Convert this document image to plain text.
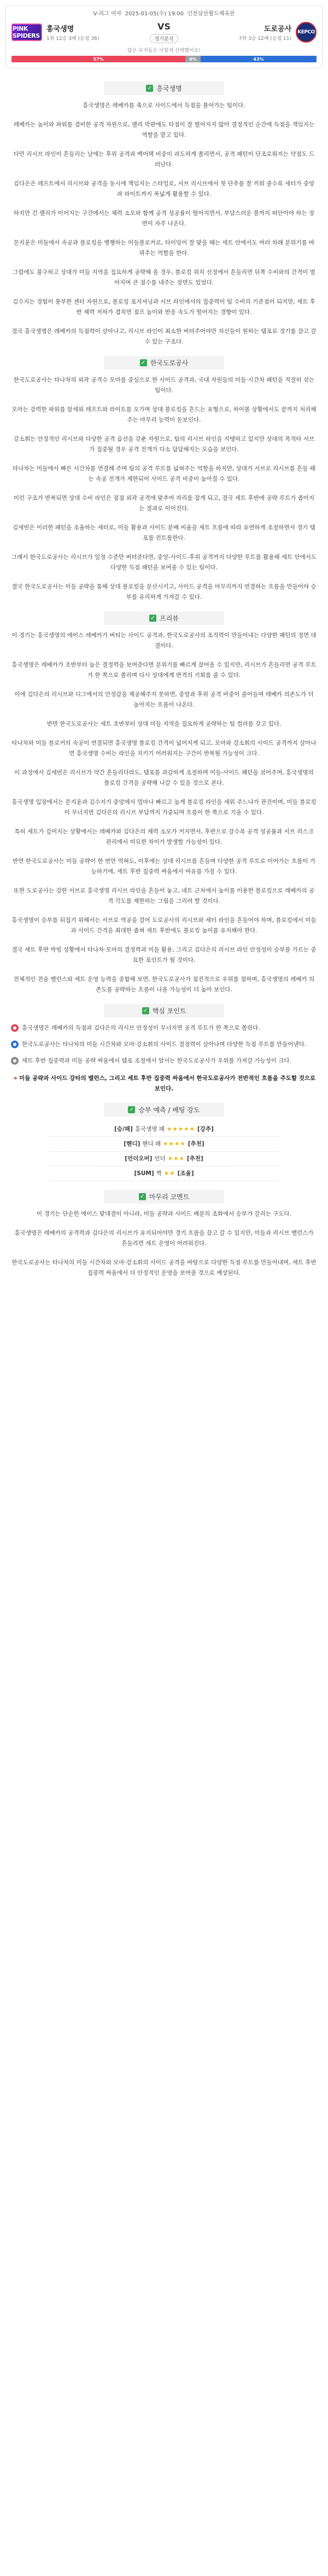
V-리그 여자 2025-01-05(수) 19:00 인천삼산월드체육관
PINK SPIDERS
흥국생명
1위 12승 3패 (승점 36)
VS
경기분석
도로공사
7위 3승 12패 (승점 11)
KEPCO
많은 유저들은 이렇게 선택했어요!
57%	0%	43%
✓ 흥국생명

흥국생명은 레베카를 축으로 사이드에서 득점을 풀어가는 팀이다.

레베카는 높이와 파워를 겸비한 공격 자원으로, 랠리 막판에도 타점이 잘 떨어지지 않아 결정적인 순간에 득점을 책임지는 역할을 맡고 있다.

다만 리시브 라인이 흔들리는 날에는 후위 공격과 백어택 비중이 과도하게 쏠리면서, 공격 패턴이 단조로워지는 약점도 드러난다.

김다은은 레프트에서 리시브와 공격을 동시에 책임지는 스타일로, 서브 리시브에서 첫 단추를 잘 끼워 줄수록 세터가 중앙과 라이트까지 폭넓게 활용할 수 있다.

하지만 긴 랠리가 이어지는 구간에서는 체력 소모와 함께 공격 성공률이 떨어지면서, 부담스러운 볼까지 떠안아야 하는 장면이 자주 나온다.

문지윤은 미들에서 속공과 블로킹을 병행하는 미들블로커로, 타이밍이 잘 맞을 때는 세트 안에서도 여러 차례 분위기를 바꿔주는 역할을 한다.

그럼에도 불구하고 상대가 미들 지역을 집요하게 공략해 올 경우, 블로킹 위치 선정에서 흔들리면 뒤쪽 수비와의 간격이 벌어지며 큰 점수를 내주는 장면도 있었다.

김수지는 경험이 풍부한 센터 자원으로, 블로킹 포지셔닝과 서브 라인에서의 집중력이 팀 수비의 기준점이 되지만, 세트 후반 체력 저하가 겹치면 점프 높이와 반응 속도가 떨어지는 경향이 있다.

결국 흥국생명은 레베카의 득점력이 살아나고, 리시브 라인이 최소한 버텨주어야만 자신들이 원하는 템포로 경기를 끌고 갈 수 있는 구조다.

✓ 한국도로공사

한국도로공사는 타나차의 외곽 공격수 모마를 중심으로 한 사이드 공격과, 국내 자원들의 미들·시간차 패턴을 적절히 섞는 팀이다.

모마는 강력한 파워를 앞세워 레프트와 라이트를 오가며 상대 블로킹을 흔드는 유형으로, 하이볼 상황에서도 끝까지 처리해주는 마무리 능력이 돋보인다.

강소휘는 안정적인 리시브와 다양한 공격 옵션을 갖춘 자원으로, 팀의 리시브 라인을 지탱하고 있지만 상대의 목적타 서브가 집중될 경우 공격 전개가 다소 답답해지는 모습을 보인다.

타나차는 미들에서 빠른 시간차를 연결해 주며 팀의 공격 루트를 넓혀주는 역할을 하지만, 상대가 서브로 리시브를 흔들 때는 속공 전개가 제한되어 사이드 공격 비중이 높아질 수 있다.

이런 구조가 반복되면 상대 수비 라인은 점점 외곽 공격에 맞추어 자리를 잡게 되고, 결국 세트 후반에 공략 루트가 좁아지는 결과로 이어진다.

김세빈은 이러한 패턴을 조율하는 세터로, 미들 활용과 사이드 분배 비율을 세트 흐름에 따라 유연하게 조절하면서 경기 템포를 컨트롤한다.

그래서 한국도로공사는 리시브가 일정 수준만 버텨준다면, 중앙-사이드-후위 공격까지 다양한 루트를 활용해 세트 안에서도 다양한 득점 패턴을 보여줄 수 있는 팀이다.

결국 한국도로공사는 미들 공략을 통해 상대 블로킹을 분산시키고, 사이드 공격을 마무리까지 연결하는 흐름을 만들어야 승부를 유리하게 가져갈 수 있다.

✓ 프리뷰

이 경기는 흥국생명의 에이스 레베카가 버티는 사이드 공격과, 한국도로공사의 조직력이 만들어내는 다양한 패턴의 정면 대결이다.

흥국생명은 레베카가 초반부터 높은 결정력을 보여준다면 분위기를 빠르게 끌어올 수 있지만, 리시브가 흔들리면 공격 루트가 한 쪽으로 쏠리며 다시 상대에게 반격의 기회를 줄 수 있다.

이에 김다은의 리시브와 디그에서의 안정감을 제공해주지 못하면, 중앙과 후위 공격 비중이 줄어들며 레베카 의존도가 더 높아지는 흐름이 나온다.

반면 한국도로공사는 세트 초반부터 상대 미들 지역을 집요하게 공략하는 팀 컬러를 갖고 있다.

타나차와 미들 블로커의 속공이 연결되면 흥국생명 블로킹 간격이 넓어지게 되고, 모마와 강소휘의 사이드 공격까지 살아나면 흥국생명 수비는 라인을 지키기 어려워지는 구간이 반복될 가능성이 크다.

이 과정에서 김세빈은 리시브가 약간 흔들리더라도, 템포를 과감하게 조절하며 미들-사이드 패턴을 섞어주며, 흥국생명의 블로킹 간격을 공략해 나갈 수 있을 것으로 본다.

흥국생명 입장에서는 문지윤과 김수지가 중앙에서 얼마나 빠르고 높게 블로킹 라인을 세워 주느냐가 관건이며, 미들 블로킹이 무너지면 김다은의 리시브 부담까지 가중되며 흐름이 한 쪽으로 기울 수 있다.

특히 세트가 길어지는 상황에서는 레베카와 김다은의 체력 소모가 커지면서, 후반으로 갈수록 공격 성공률과 서브 리스크 관리에서 미묘한 차이가 발생할 가능성이 있다.

반면 한국도로공사는 미들 공략이 한 번만 먹혀도, 이후에는 상대 리시브를 흔들며 다양한 공격 루트로 이어가는 흐름이 가능하기에, 세트 후반 집중력 싸움에서 여유를 가질 수 있다.

또한 도로공사는 강한 서브로 흥국생명 리시브 라인을 흔들어 놓고, 네트 근처에서 높이를 이용한 블로킹으로 레베카의 공격 각도를 제한하는 그림을 그리려 할 것이다.

흥국생명이 승부를 뒤집기 위해서는 서브로 역공을 걸어 도로공사의 리시브와 세터 라인을 흔들어야 하며, 블로킹에서 미들과 사이드 간격을 최대한 좁혀 세트 후반에도 블로킹 높이를 유지해야 한다.

결국 세트 후반 박빙 상황에서 타나차·모마의 결정력과 미들 활용, 그리고 김다은의 리시브 라인 안정성이 승부를 가르는 중요한 포인트가 될 것이다.

전체적인 전술 밸런스와 세트 운영 능력을 종합해 보면, 한국도로공사가 점진적으로 우위를 점하며, 흥국생명의 레베카 의존도를 공략하는 흐름이 나올 가능성이 더 높아 보인다.

✓ 핵심 포인트
흥국생명은 레베카의 득점과 김다은의 리시브 안정성이 무너지면 공격 루트가 한 쪽으로 쏠린다.
한국도로공사는 타나차의 미들 시간차와 모마·강소휘의 사이드 결정력이 살아나며 다양한 득점 루트를 만들어낸다.
세트 후반 집중력과 미들 공략 싸움에서 템포 조절에서 앞서는 한국도로공사가 우위를 가져갈 가능성이 크다.
➜ 미들 공략과 사이드 강타의 밸런스, 그리고 세트 후반 집중력 싸움에서 한국도로공사가 전반적인 흐름을 주도할 것으로 보인다.
✓ 승부 예측 / 베팅 강도
[승/패] 흥국생명 패 ★★★★★ [강추]
[핸디] 핸디 패 ★★★★ [추천]
[언더오버] 언더 ★★★ [추천]
[SUM] 짝 ★★ [조율]
✓ 마무리 코멘트

이 경기는 단순한 에이스 맞대결이 아니라, 미들 공략과 사이드 배분의 조화에서 승부가 갈리는 구도다.

흥국생명은 레베카의 공격력과 김다은의 리시브가 유지되어야만 경기 흐름을 끌고 갈 수 있지만, 미들과 리시브 밸런스가 흔들리면 세트 운영이 어려워진다.

한국도로공사는 타나차의 미들 시간차와 모마·강소휘의 사이드 공격을 바탕으로 다양한 득점 루트를 만들어내며, 세트 후반 집중력 싸움에서 더 안정적인 운영을 보여줄 것으로 예상된다.
